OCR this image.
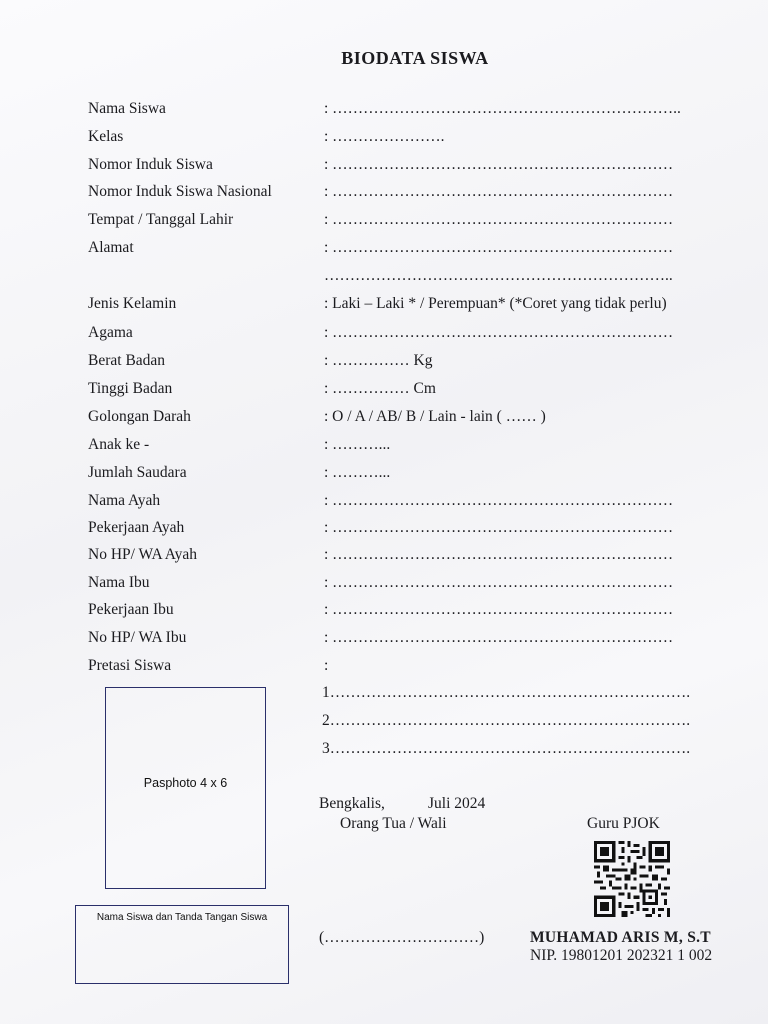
BIODATA SISWA
Nama Siswa	: …………………………………………………………..
Kelas	: ………………….
Nomor Induk Siswa	: …………………………………………………………
Nomor Induk Siswa Nasional	: …………………………………………………………
Tempat / Tanggal Lahir	: …………………………………………………………
Alamat	: …………………………………………………………
…………………………………………………………..
Jenis Kelamin	: Laki – Laki * / Perempuan* (*Coret yang tidak perlu)
Agama	: …………………………………………………………
Berat Badan	: …………… Kg
Tinggi Badan	: …………… Cm
Golongan Darah	: O / A / AB/ B / Lain - lain ( …… )
Anak ke -	: ………...
Jumlah Saudara	: ………...
Nama Ayah	: …………………………………………………………
Pekerjaan Ayah	: …………………………………………………………
No HP/ WA Ayah	: …………………………………………………………
Nama Ibu	: …………………………………………………………
Pekerjaan Ibu	: …………………………………………………………
No HP/ WA Ibu	: …………………………………………………………
Pretasi Siswa	:
1…………………………………………………………….
2…………………………………………………………….
3…………………………………………………………….
Pasphoto 4 x 6
Nama Siswa dan Tanda Tangan Siswa
Bengkalis,	Juli 2024
Orang Tua / Wali
(…………………………)
Guru PJOK
MUHAMAD ARIS M, S.T
NIP. 19801201 202321 1 002
